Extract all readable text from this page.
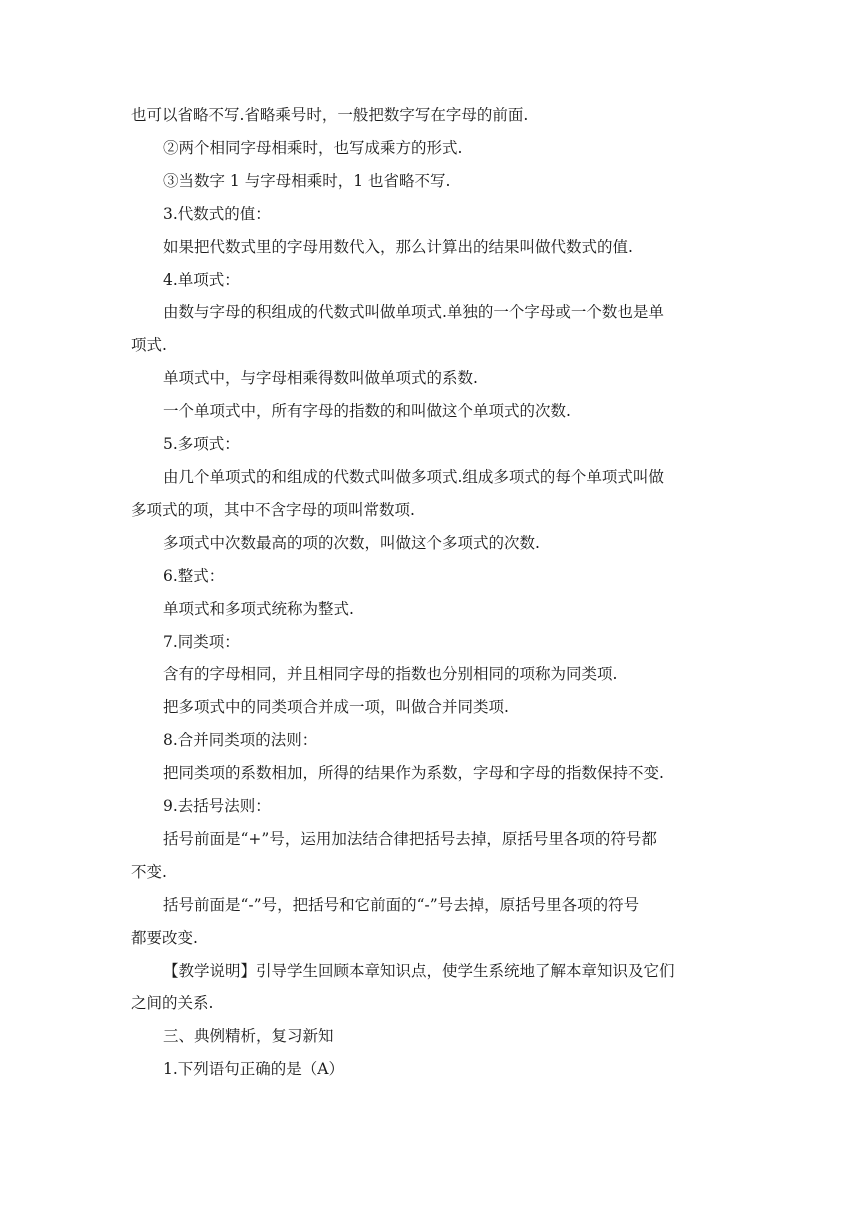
也可以省略不写.省略乘号时，一般把数字写在字母的前面.

②两个相同字母相乘时，也写成乘方的形式.

③当数字 1 与字母相乘时，1 也省略不写.

3.代数式的值：

如果把代数式里的字母用数代入，那么计算出的结果叫做代数式的值.

4.单项式：

由数与字母的积组成的代数式叫做单项式.单独的一个字母或一个数也是单

项式.

单项式中，与字母相乘得数叫做单项式的系数.

一个单项式中，所有字母的指数的和叫做这个单项式的次数.

5.多项式：

由几个单项式的和组成的代数式叫做多项式.组成多项式的每个单项式叫做

多项式的项，其中不含字母的项叫常数项.

多项式中次数最高的项的次数，叫做这个多项式的次数.

6.整式：

单项式和多项式统称为整式.

7.同类项：

含有的字母相同，并且相同字母的指数也分别相同的项称为同类项.

把多项式中的同类项合并成一项，叫做合并同类项.

8.合并同类项的法则：

把同类项的系数相加，所得的结果作为系数，字母和字母的指数保持不变.

9.去括号法则：

括号前面是“+”号，运用加法结合律把括号去掉，原括号里各项的符号都

不变.

括号前面是“-”号，把括号和它前面的“-”号去掉，原括号里各项的符号

都要改变.

【教学说明】引导学生回顾本章知识点，使学生系统地了解本章知识及它们

之间的关系.

三、典例精析，复习新知

1.下列语句正确的是（A）
